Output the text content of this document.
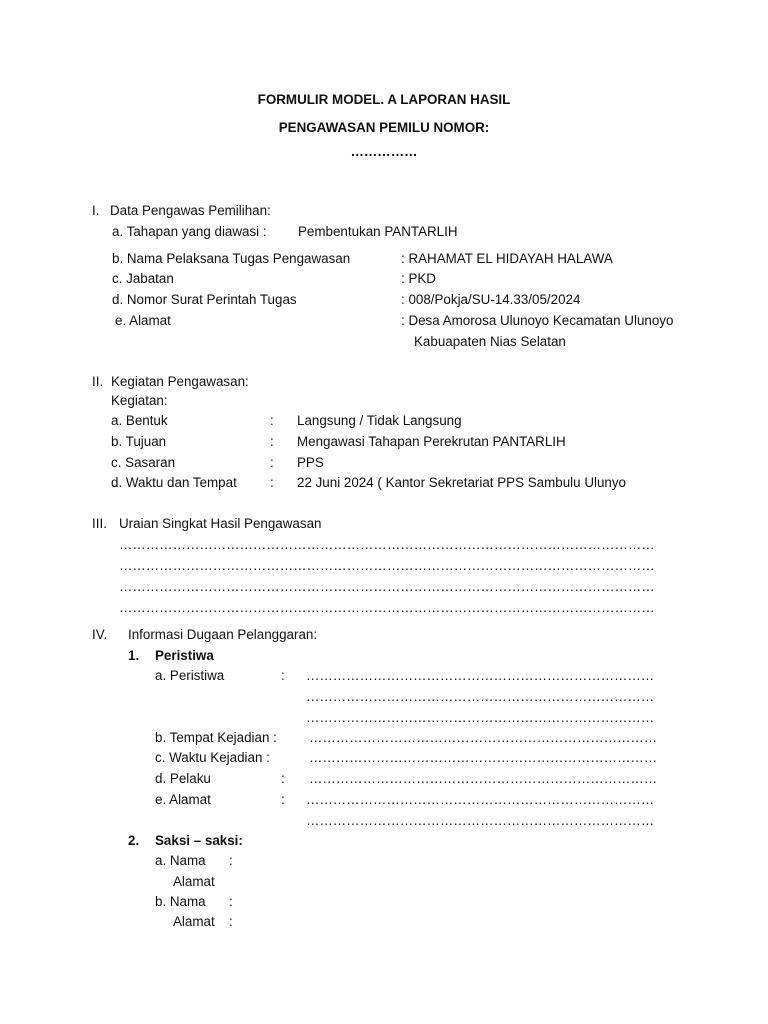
FORMULIR MODEL. A LAPORAN HASIL
PENGAWASAN PEMILU NOMOR:
……………
I. Data Pengawas Pemilihan:
a. Tahapan yang diawasi : Pembentukan PANTARLIH
b. Nama Pelaksana Tugas Pengawasan	: RAHAMAT EL HIDAYAH HALAWA
c. Jabatan	: PKD
d. Nomor Surat Perintah Tugas	: 008/Pokja/SU-14.33/05/2024
e. Alamat	: Desa Amorosa Ulunoyo Kecamatan Ulunoyo
Kabuapaten Nias Selatan
II. Kegiatan Pengawasan:
Kegiatan:
a. Bentuk	: Langsung / Tidak Langsung
b. Tujuan	: Mengawasi Tahapan Perekrutan PANTARLIH
c. Sasaran	: PPS
d. Waktu dan Tempat : 22 Juni 2024 ( Kantor Sekretariat PPS Sambulu Ulunyo
III. Uraian Singkat Hasil Pengawasan
…………………………………………………………………………………………………………
…………………………………………………………………………………………………………
…………………………………………………………………………………………………………
…………………………………………………………………………………………………………
IV. Informasi Dugaan Pelanggaran:
1. Peristiwa
a. Peristiwa	: ……………………………………………………………………
……………………………………………………………………
……………………………………………………………………
b. Tempat Kejadian : ……………………………………………………………………
c. Waktu Kejadian :	……………………………………………………………………
d. Pelaku	: ……………………………………………………………………
e. Alamat	: ……………………………………………………………………
……………………………………………………………………
2. Saksi – saksi:
a. Nama :
Alamat
b. Nama :
Alamat :
